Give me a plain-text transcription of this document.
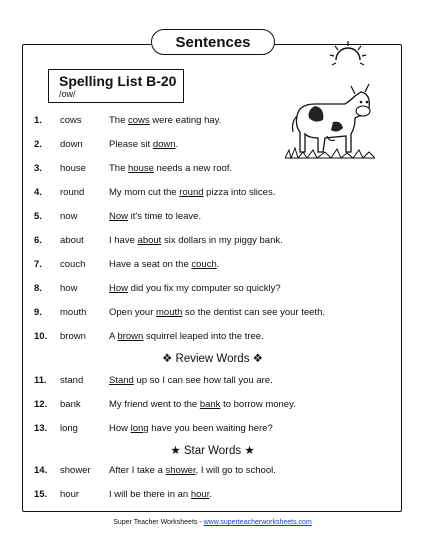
Sentences
Spelling List B-20
/ow/
1. cows	The cows were eating hay.
2. down	Please sit down.
3. house The house needs a new roof.
4. round	My mom cut the round pizza into slices.
5. now	Now it's time to leave.
6. about	I have about six dollars in my piggy bank.
7. couch Have a seat on the couch.
8. how	How did you fix my computer so quickly?
9. mouth Open your mouth so the dentist can see your teeth.
10. brown A brown squirrel leaped into the tree.
11. stand	Stand up so I can see how tall you are.
12. bank	My friend went to the bank to borrow money.
13. long	How long have you been waiting here?
14. shower After I take a shower, I will go to school.
15. hour	I will be there in an hour.
❖ Review Words ❖
★ Star Words ★
Super Teacher Worksheets - www.superteacherworksheets.com
